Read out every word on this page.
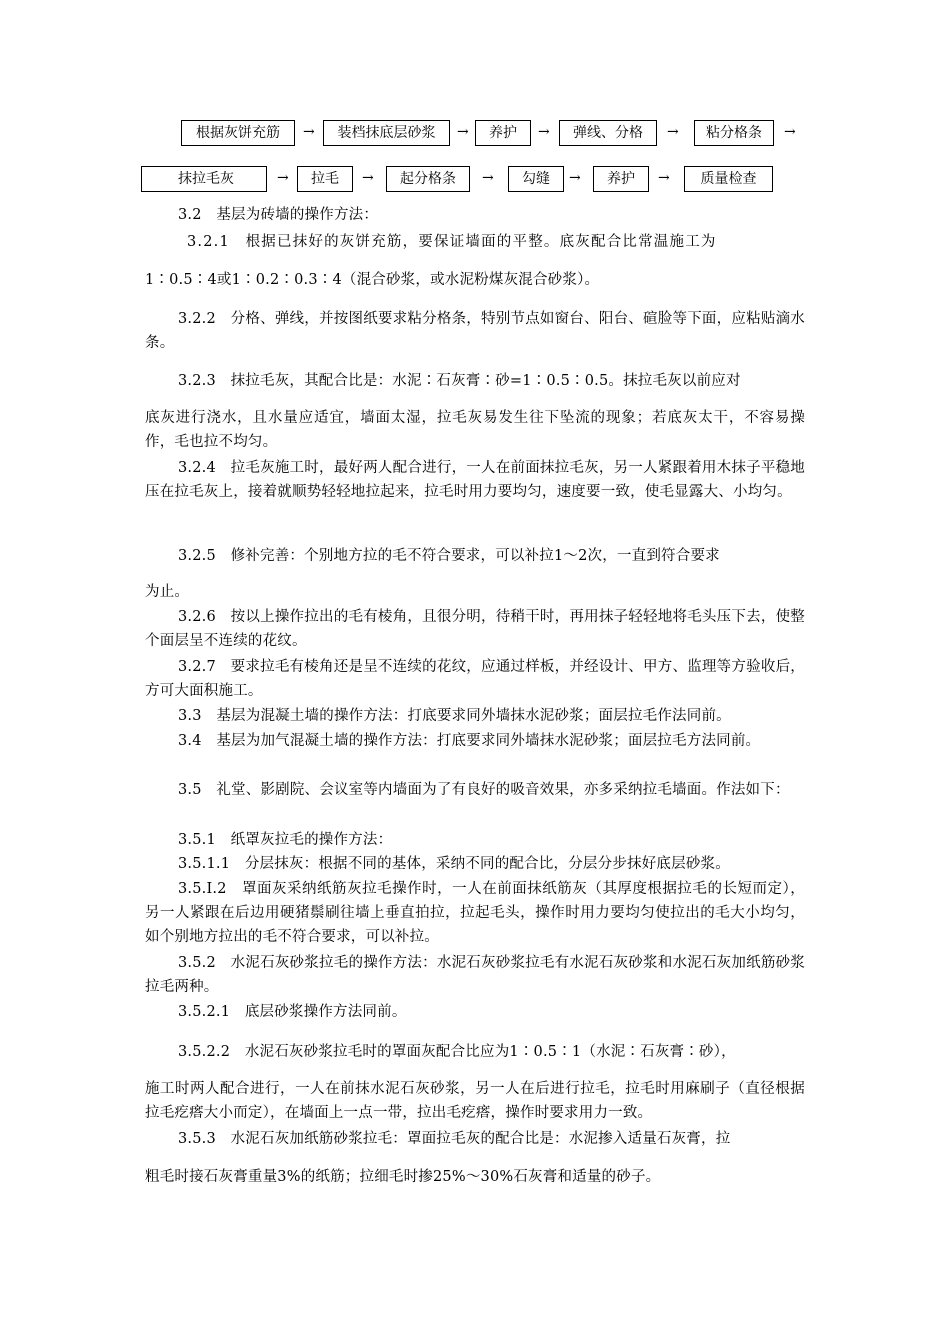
根据灰饼充筋	→	装档抹底层砂浆	→	养护	→	弹线、分格	→	粘分格条	→
抹拉毛灰	→	拉毛	→	起分格条	→	勾缝	→	养护	→	质量检查

3.2　基层为砖墙的操作方法：

3.2.1　根据已抹好的灰饼充筋，要保证墙面的平整。底灰配合比常温施工为

1∶0.5∶4或1∶0.2∶0.3∶4（混合砂浆，或水泥粉煤灰混合砂浆）。

3.2.2　分格、弹线，并按图纸要求粘分格条，特别节点如窗台、阳台、碹脸等下面，应粘贴滴水条。

3.2.3　抹拉毛灰，其配合比是：水泥∶石灰膏∶砂=1∶0.5∶0.5。抹拉毛灰以前应对

底灰进行浇水，且水量应适宜，墙面太湿，拉毛灰易发生往下坠流的现象；若底灰太干，不容易操作，毛也拉不均匀。

3.2.4　拉毛灰施工时，最好两人配合进行，一人在前面抹拉毛灰，另一人紧跟着用木抹子平稳地压在拉毛灰上，接着就顺势轻轻地拉起来，拉毛时用力要均匀，速度要一致，使毛显露大、小均匀。

3.2.5　修补完善：个别地方拉的毛不符合要求，可以补拉1～2次，一直到符合要求

为止。

3.2.6　按以上操作拉出的毛有棱角，且很分明，待稍干时，再用抹子轻轻地将毛头压下去，使整个面层呈不连续的花纹。

3.2.7　要求拉毛有棱角还是呈不连续的花纹，应通过样板，并经设计、甲方、监理等方验收后，方可大面积施工。

3.3　基层为混凝土墙的操作方法：打底要求同外墙抹水泥砂浆；面层拉毛作法同前。

3.4　基层为加气混凝土墙的操作方法：打底要求同外墙抹水泥砂浆；面层拉毛方法同前。

3.5　礼堂、影剧院、会议室等内墙面为了有良好的吸音效果，亦多采纳拉毛墙面。作法如下：

3.5.1　纸罩灰拉毛的操作方法：

3.5.1.1　分层抹灰：根据不同的基体，采纳不同的配合比，分层分步抹好底层砂浆。

3.5.I.2　罩面灰采纳纸筋灰拉毛操作时，一人在前面抹纸筋灰（其厚度根据拉毛的长短而定），另一人紧跟在后边用硬猪鬃刷往墙上垂直拍拉，拉起毛头，操作时用力要均匀使拉出的毛大小均匀，如个别地方拉出的毛不符合要求，可以补拉。

3.5.2　水泥石灰砂浆拉毛的操作方法：水泥石灰砂浆拉毛有水泥石灰砂浆和水泥石灰加纸筋砂浆拉毛两种。

3.5.2.1　底层砂浆操作方法同前。

3.5.2.2　水泥石灰砂浆拉毛时的罩面灰配合比应为1∶0.5∶1（水泥∶石灰膏∶砂），

施工时两人配合进行，一人在前抹水泥石灰砂浆，另一人在后进行拉毛，拉毛时用麻刷子（直径根据拉毛疙瘩大小而定），在墙面上一点一带，拉出毛疙瘩，操作时要求用力一致。

3.5.3　水泥石灰加纸筋砂浆拉毛：罩面拉毛灰的配合比是：水泥掺入适量石灰膏，拉

粗毛时接石灰膏重量3%的纸筋；拉细毛时掺25%～30%石灰膏和适量的砂子。
